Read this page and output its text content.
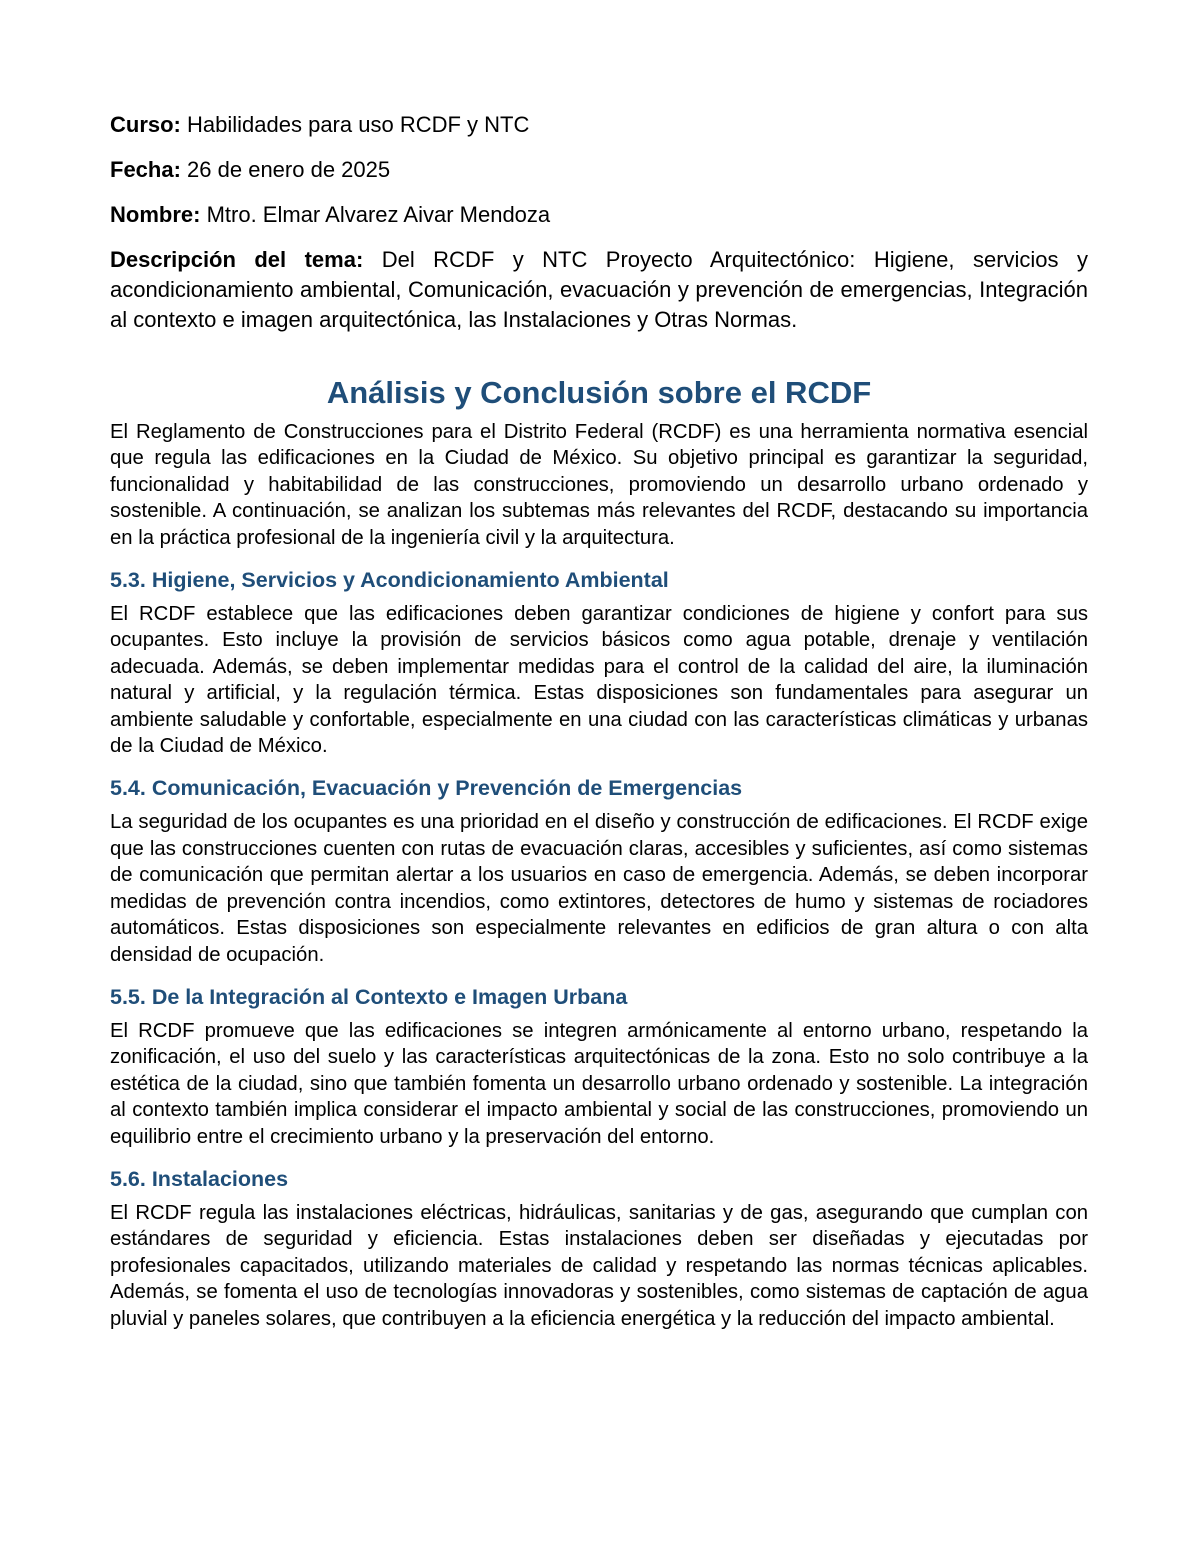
Curso: Habilidades para uso RCDF y NTC

Fecha: 26 de enero de 2025

Nombre: Mtro. Elmar Alvarez Aivar Mendoza

Descripción del tema: Del RCDF y NTC Proyecto Arquitectónico: Higiene, servicios y acondicionamiento ambiental, Comunicación, evacuación y prevención de emergencias, Integración al contexto e imagen arquitectónica, las Instalaciones y Otras Normas.

Análisis y Conclusión sobre el RCDF

El Reglamento de Construcciones para el Distrito Federal (RCDF) es una herramienta normativa esencial que regula las edificaciones en la Ciudad de México. Su objetivo principal es garantizar la seguridad, funcionalidad y habitabilidad de las construcciones, promoviendo un desarrollo urbano ordenado y sostenible. A continuación, se analizan los subtemas más relevantes del RCDF, destacando su importancia en la práctica profesional de la ingeniería civil y la arquitectura.

5.3. Higiene, Servicios y Acondicionamiento Ambiental

El RCDF establece que las edificaciones deben garantizar condiciones de higiene y confort para sus ocupantes. Esto incluye la provisión de servicios básicos como agua potable, drenaje y ventilación adecuada. Además, se deben implementar medidas para el control de la calidad del aire, la iluminación natural y artificial, y la regulación térmica. Estas disposiciones son fundamentales para asegurar un ambiente saludable y confortable, especialmente en una ciudad con las características climáticas y urbanas de la Ciudad de México.

5.4. Comunicación, Evacuación y Prevención de Emergencias

La seguridad de los ocupantes es una prioridad en el diseño y construcción de edificaciones. El RCDF exige que las construcciones cuenten con rutas de evacuación claras, accesibles y suficientes, así como sistemas de comunicación que permitan alertar a los usuarios en caso de emergencia. Además, se deben incorporar medidas de prevención contra incendios, como extintores, detectores de humo y sistemas de rociadores automáticos. Estas disposiciones son especialmente relevantes en edificios de gran altura o con alta densidad de ocupación.

5.5. De la Integración al Contexto e Imagen Urbana

El RCDF promueve que las edificaciones se integren armónicamente al entorno urbano, respetando la zonificación, el uso del suelo y las características arquitectónicas de la zona. Esto no solo contribuye a la estética de la ciudad, sino que también fomenta un desarrollo urbano ordenado y sostenible. La integración al contexto también implica considerar el impacto ambiental y social de las construcciones, promoviendo un equilibrio entre el crecimiento urbano y la preservación del entorno.

5.6. Instalaciones

El RCDF regula las instalaciones eléctricas, hidráulicas, sanitarias y de gas, asegurando que cumplan con estándares de seguridad y eficiencia. Estas instalaciones deben ser diseñadas y ejecutadas por profesionales capacitados, utilizando materiales de calidad y respetando las normas técnicas aplicables. Además, se fomenta el uso de tecnologías innovadoras y sostenibles, como sistemas de captación de agua pluvial y paneles solares, que contribuyen a la eficiencia energética y la reducción del impacto ambiental.
